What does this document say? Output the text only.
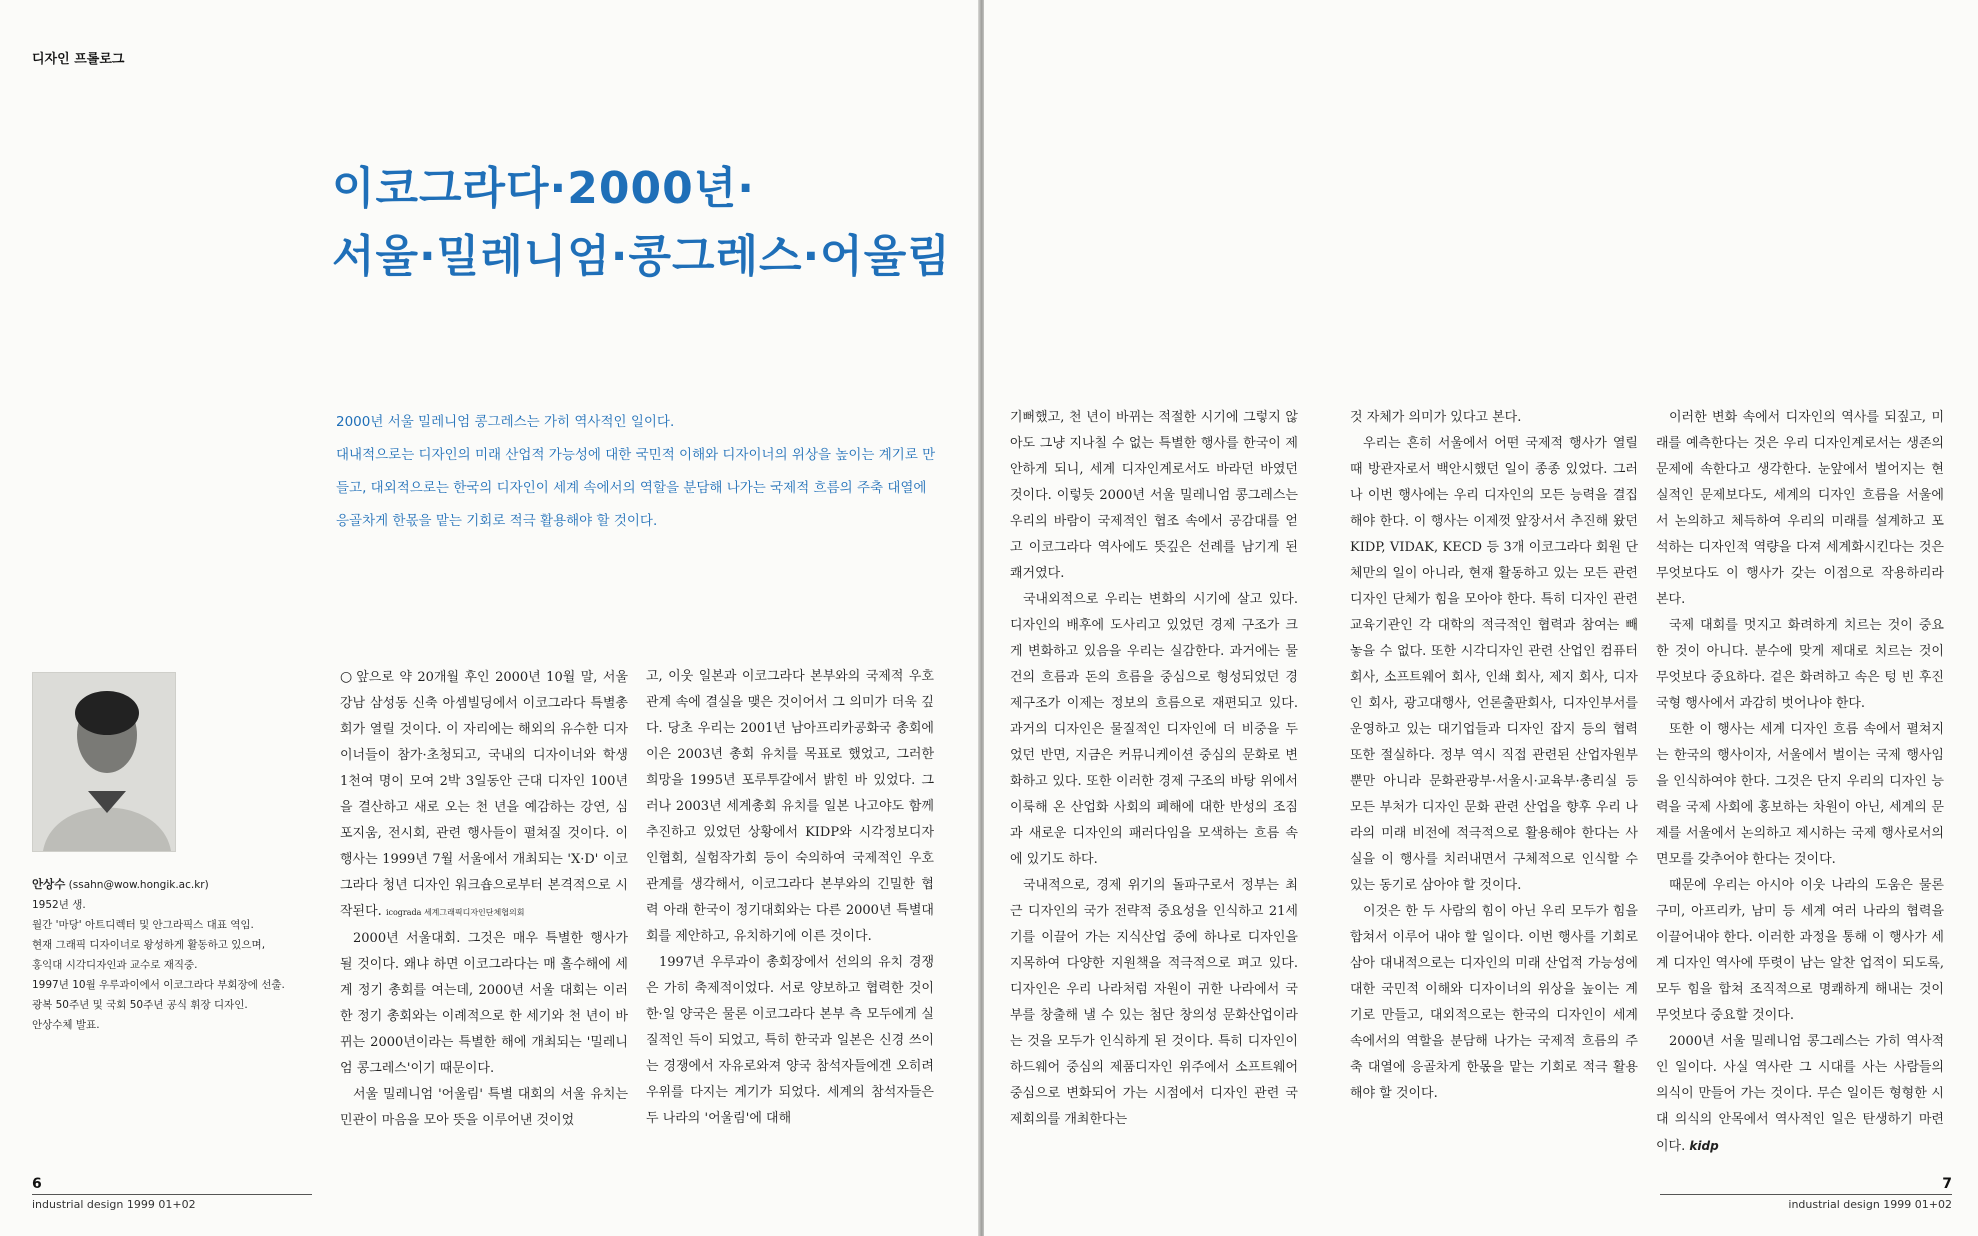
디자인 프롤로그
이코그라다·2000년·
서울·밀레니엄·콩그레스·어울림

2000년 서울 밀레니엄 콩그레스는 가히 역사적인 일이다.

대내적으로는 디자인의 미래 산업적 가능성에 대한 국민적 이해와 디자이너의 위상을 높이는 계기로 만들고, 대외적으로는 한국의 디자인이 세계 속에서의 역할을 분담해 나가는 국제적 흐름의 주축 대열에 응골차게 한몫을 맡는 기회로 적극 활용해야 할 것이다.

안상수 (ssahn@wow.hongik.ac.kr)
1952년 생.
월간 '마당' 아트디렉터 및 안그라픽스 대표 역임.
현재 그래픽 디자이너로 왕성하게 활동하고 있으며,
홍익대 시각디자인과 교수로 재직중.
1997년 10월 우루과이에서 이코그라다 부회장에 선출.
광복 50주년 및 국회 50주년 공식 휘장 디자인.
안상수체 발표.

○ 앞으로 약 20개월 후인 2000년 10월 말, 서울 강남 삼성동 신축 아셈빌딩에서 이코그라다 특별총회가 열릴 것이다. 이 자리에는 해외의 유수한 디자이너들이 참가·초청되고, 국내의 디자이너와 학생 1천여 명이 모여 2박 3일동안 근대 디자인 100년을 결산하고 새로 오는 천 년을 예감하는 강연, 심포지움, 전시회, 관련 행사들이 펼쳐질 것이다. 이 행사는 1999년 7월 서울에서 개최되는 'X·D' 이코그라다 청년 디자인 워크숍으로부터 본격적으로 시작된다. icograda 세계그래픽디자인단체협의회

2000년 서울대회. 그것은 매우 특별한 행사가 될 것이다. 왜냐 하면 이코그라다는 매 홀수해에 세계 정기 총회를 여는데, 2000년 서울 대회는 이러한 정기 총회와는 이례적으로 한 세기와 천 년이 바뀌는 2000년이라는 특별한 해에 개최되는 '밀레니엄 콩그레스'이기 때문이다.

서울 밀레니엄 '어울림' 특별 대회의 서울 유치는 민관이 마음을 모아 뜻을 이루어낸 것이었

고, 이웃 일본과 이코그라다 본부와의 국제적 우호관계 속에 결실을 맺은 것이어서 그 의미가 더욱 깊다. 당초 우리는 2001년 남아프리카공화국 총회에 이은 2003년 총회 유치를 목표로 했었고, 그러한 희망을 1995년 포루투갈에서 밝힌 바 있었다. 그러나 2003년 세계총회 유치를 일본 나고야도 함께 추진하고 있었던 상황에서 KIDP와 시각정보디자인협회, 실험작가회 등이 숙의하여 국제적인 우호관계를 생각해서, 이코그라다 본부와의 긴밀한 협력 아래 한국이 정기대회와는 다른 2000년 특별대회를 제안하고, 유치하기에 이른 것이다.

1997년 우루과이 총회장에서 선의의 유치 경쟁은 가히 축제적이었다. 서로 양보하고 협력한 것이 한·일 양국은 물론 이코그라다 본부 측 모두에게 실질적인 득이 되었고, 특히 한국과 일본은 신경 쓰이는 경쟁에서 자유로와져 양국 참석자들에겐 오히려 우위를 다지는 계기가 되었다. 세계의 참석자들은 두 나라의 '어울림'에 대해

6
industrial design 1999 01+02

기뻐했고, 천 년이 바뀌는 적절한 시기에 그렇지 않아도 그냥 지나칠 수 없는 특별한 행사를 한국이 제안하게 되니, 세계 디자인계로서도 바라던 바였던 것이다. 이렇듯 2000년 서울 밀레니엄 콩그레스는 우리의 바람이 국제적인 협조 속에서 공감대를 얻고 이코그라다 역사에도 뜻깊은 선례를 남기게 된 쾌거였다.

국내외적으로 우리는 변화의 시기에 살고 있다. 디자인의 배후에 도사리고 있었던 경제 구조가 크게 변화하고 있음을 우리는 실감한다. 과거에는 물건의 흐름과 돈의 흐름을 중심으로 형성되었던 경제구조가 이제는 정보의 흐름으로 재편되고 있다. 과거의 디자인은 물질적인 디자인에 더 비중을 두었던 반면, 지금은 커뮤니케이션 중심의 문화로 변화하고 있다. 또한 이러한 경제 구조의 바탕 위에서 이룩해 온 산업화 사회의 폐해에 대한 반성의 조짐과 새로운 디자인의 패러다임을 모색하는 흐름 속에 있기도 하다.

국내적으로, 경제 위기의 돌파구로서 정부는 최근 디자인의 국가 전략적 중요성을 인식하고 21세기를 이끌어 가는 지식산업 중에 하나로 디자인을 지목하여 다양한 지원책을 적극적으로 펴고 있다. 디자인은 우리 나라처럼 자원이 귀한 나라에서 국부를 창출해 낼 수 있는 첨단 창의성 문화산업이라는 것을 모두가 인식하게 된 것이다. 특히 디자인이 하드웨어 중심의 제품디자인 위주에서 소프트웨어 중심으로 변화되어 가는 시점에서 디자인 관련 국제회의를 개최한다는

것 자체가 의미가 있다고 본다.

우리는 흔히 서울에서 어떤 국제적 행사가 열릴 때 방관자로서 백안시했던 일이 종종 있었다. 그러나 이번 행사에는 우리 디자인의 모든 능력을 결집해야 한다. 이 행사는 이제껏 앞장서서 추진해 왔던 KIDP, VIDAK, KECD 등 3개 이코그라다 회원 단체만의 일이 아니라, 현재 활동하고 있는 모든 관련 디자인 단체가 힘을 모아야 한다. 특히 디자인 관련 교육기관인 각 대학의 적극적인 협력과 참여는 빼놓을 수 없다. 또한 시각디자인 관련 산업인 컴퓨터 회사, 소프트웨어 회사, 인쇄 회사, 제지 회사, 디자인 회사, 광고대행사, 언론출판회사, 디자인부서를 운영하고 있는 대기업들과 디자인 잡지 등의 협력 또한 절실하다. 정부 역시 직접 관련된 산업자원부뿐만 아니라 문화관광부·서울시·교육부·총리실 등 모든 부처가 디자인 문화 관련 산업을 향후 우리 나라의 미래 비전에 적극적으로 활용해야 한다는 사실을 이 행사를 치러내면서 구체적으로 인식할 수 있는 동기로 삼아야 할 것이다.

이것은 한 두 사람의 힘이 아닌 우리 모두가 힘을 합쳐서 이루어 내야 할 일이다. 이번 행사를 기회로 삼아 대내적으로는 디자인의 미래 산업적 가능성에 대한 국민적 이해와 디자이너의 위상을 높이는 계기로 만들고, 대외적으로는 한국의 디자인이 세계 속에서의 역할을 분담해 나가는 국제적 흐름의 주축 대열에 응골차게 한몫을 맡는 기회로 적극 활용해야 할 것이다.

이러한 변화 속에서 디자인의 역사를 되짚고, 미래를 예측한다는 것은 우리 디자인계로서는 생존의 문제에 속한다고 생각한다. 눈앞에서 벌어지는 현실적인 문제보다도, 세계의 디자인 흐름을 서울에서 논의하고 체득하여 우리의 미래를 설계하고 포석하는 디자인적 역량을 다져 세계화시킨다는 것은 무엇보다도 이 행사가 갖는 이점으로 작용하리라 본다.

국제 대회를 멋지고 화려하게 치르는 것이 중요한 것이 아니다. 분수에 맞게 제대로 치르는 것이 무엇보다 중요하다. 겉은 화려하고 속은 텅 빈 후진국형 행사에서 과감히 벗어나야 한다.

또한 이 행사는 세계 디자인 흐름 속에서 펼쳐지는 한국의 행사이자, 서울에서 벌이는 국제 행사임을 인식하여야 한다. 그것은 단지 우리의 디자인 능력을 국제 사회에 홍보하는 차원이 아닌, 세계의 문제를 서울에서 논의하고 제시하는 국제 행사로서의 면모를 갖추어야 한다는 것이다.

때문에 우리는 아시아 이웃 나라의 도움은 물론 구미, 아프리카, 남미 등 세계 여러 나라의 협력을 이끌어내야 한다. 이러한 과정을 통해 이 행사가 세계 디자인 역사에 뚜렷이 남는 알찬 업적이 되도록, 모두 힘을 합쳐 조직적으로 명쾌하게 해내는 것이 무엇보다 중요할 것이다.

2000년 서울 밀레니엄 콩그레스는 가히 역사적인 일이다. 사실 역사란 그 시대를 사는 사람들의 의식이 만들어 가는 것이다. 무슨 일이든 형형한 시대 의식의 안목에서 역사적인 일은 탄생하기 마련이다. kidp

7
industrial design 1999 01+02
